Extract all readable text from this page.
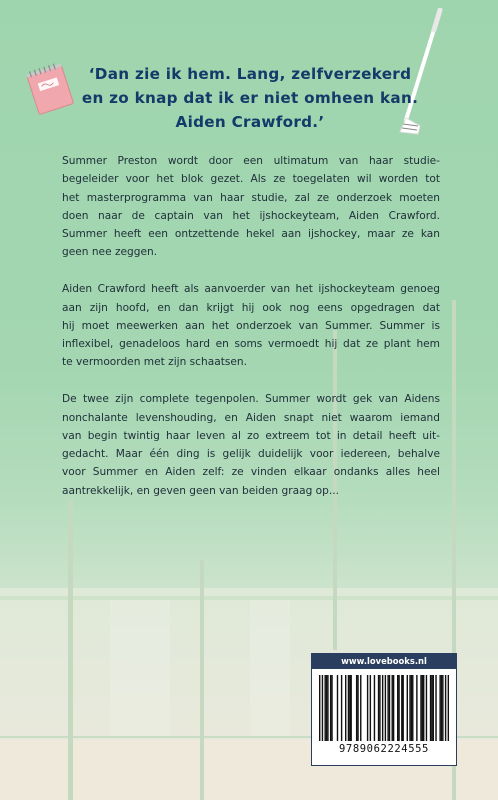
‘Dan zie ik hem. Lang, zelfverzekerd
en zo knap dat ik er niet omheen kan.
Aiden Crawford.’

Summer Preston wordt door een ultimatum van haar studie-
begeleider voor het blok gezet. Als ze toegelaten wil worden tot
het masterprogramma van haar studie, zal ze onderzoek moeten
doen naar de captain van het ijshockeyteam, Aiden Crawford.
Summer heeft een ontzettende hekel aan ijshockey, maar ze kan
geen nee zeggen.
Aiden Crawford heeft als aanvoerder van het ijshockeyteam genoeg
aan zijn hoofd, en dan krijgt hij ook nog eens opgedragen dat
hij moet meewerken aan het onderzoek van Summer. Summer is
inflexibel, genadeloos hard en soms vermoedt hij dat ze plant hem
te vermoorden met zijn schaatsen.
De twee zijn complete tegenpolen. Summer wordt gek van Aidens
nonchalante levenshouding, en Aiden snapt niet waarom iemand
van begin twintig haar leven al zo extreem tot in detail heeft uit-
gedacht. Maar één ding is gelijk duidelijk voor iedereen, behalve
voor Summer en Aiden zelf: ze vinden elkaar ondanks alles heel
aantrekkelijk, en geven geen van beiden graag op...
www.lovebooks.nl
9789062224555
